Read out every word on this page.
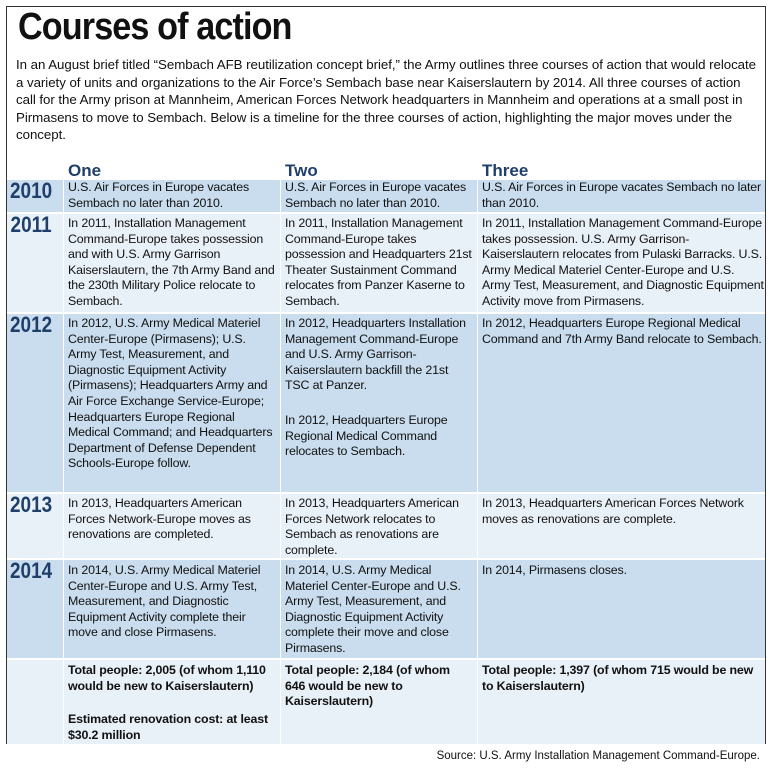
Courses of action
In an August brief titled “Sembach AFB reutilization concept brief,” the Army outlines three courses of action that would relocate a variety of units and organizations to the Air Force’s Sembach base near Kaiserslautern by 2014. All three courses of action call for the Army prison at Mannheim, American Forces Network headquarters in Mannheim and operations at a small post in Pirmasens to move to Sembach. Below is a timeline for the three courses of action, highlighting the major moves under the concept.
One	Two	Three
2010 U.S. Air Forces in Europe vacates Sembach no later than 2010.
U.S. Air Forces in Europe vacates Sembach no later than 2010.
U.S. Air Forces in Europe vacates Sembach no later than 2010.
2011 In 2011, Installation Management Command-Europe takes possession and with U.S. Army Garrison Kaiserslautern, the 7th Army Band and the 230th Military Police relocate to Sembach.
In 2011, Installation Management Command-Europe takes possession and Headquarters 21st Theater Sustainment Command relocates from Panzer Kaserne to Sembach.
In 2011, Installation Management Command-Europe takes possession. U.S. Army Garrison-Kaiserslautern relocates from Pulaski Barracks. U.S. Army Medical Materiel Center-Europe and U.S. Army Test, Measurement, and Diagnostic Equipment Activity move from Pirmasens.
2012 In 2012, U.S. Army Medical Materiel Center-Europe (Pirmasens); U.S. Army Test, Measurement, and Diagnostic Equipment Activity (Pirmasens); Headquarters Army and Air Force Exchange Service-Europe; Headquarters Europe Regional Medical Command; and Headquarters Department of Defense Dependent Schools-Europe follow.
In 2012, Headquarters Installation Management Command-Europe and U.S. Army Garrison-Kaiserslautern backfill the 21st TSC at Panzer.
In 2012, Headquarters Europe Regional Medical Command relocates to Sembach.
In 2012, Headquarters Europe Regional Medical Command and 7th Army Band relocate to Sembach.
2013 In 2013, Headquarters American Forces Network-Europe moves as renovations are completed.
In 2013, Headquarters American Forces Network relocates to Sembach as renovations are complete.
In 2013, Headquarters American Forces Network moves as renovations are complete.
2014 In 2014, U.S. Army Medical Materiel Center-Europe and U.S. Army Test, Measurement, and Diagnostic Equipment Activity complete their move and close Pirmasens.
In 2014, U.S. Army Medical Materiel Center-Europe and U.S. Army Test, Measurement, and Diagnostic Equipment Activity complete their move and close Pirmasens.
In 2014, Pirmasens closes.
Total people: 2,005 (of whom 1,110 would be new to Kaiserslautern)
Estimated renovation cost: at least $30.2 million
Total people: 2,184 (of whom 646 would be new to Kaiserslautern)
Total people: 1,397 (of whom 715 would be new to Kaiserslautern)
Source: U.S. Army Installation Management Command-Europe.
